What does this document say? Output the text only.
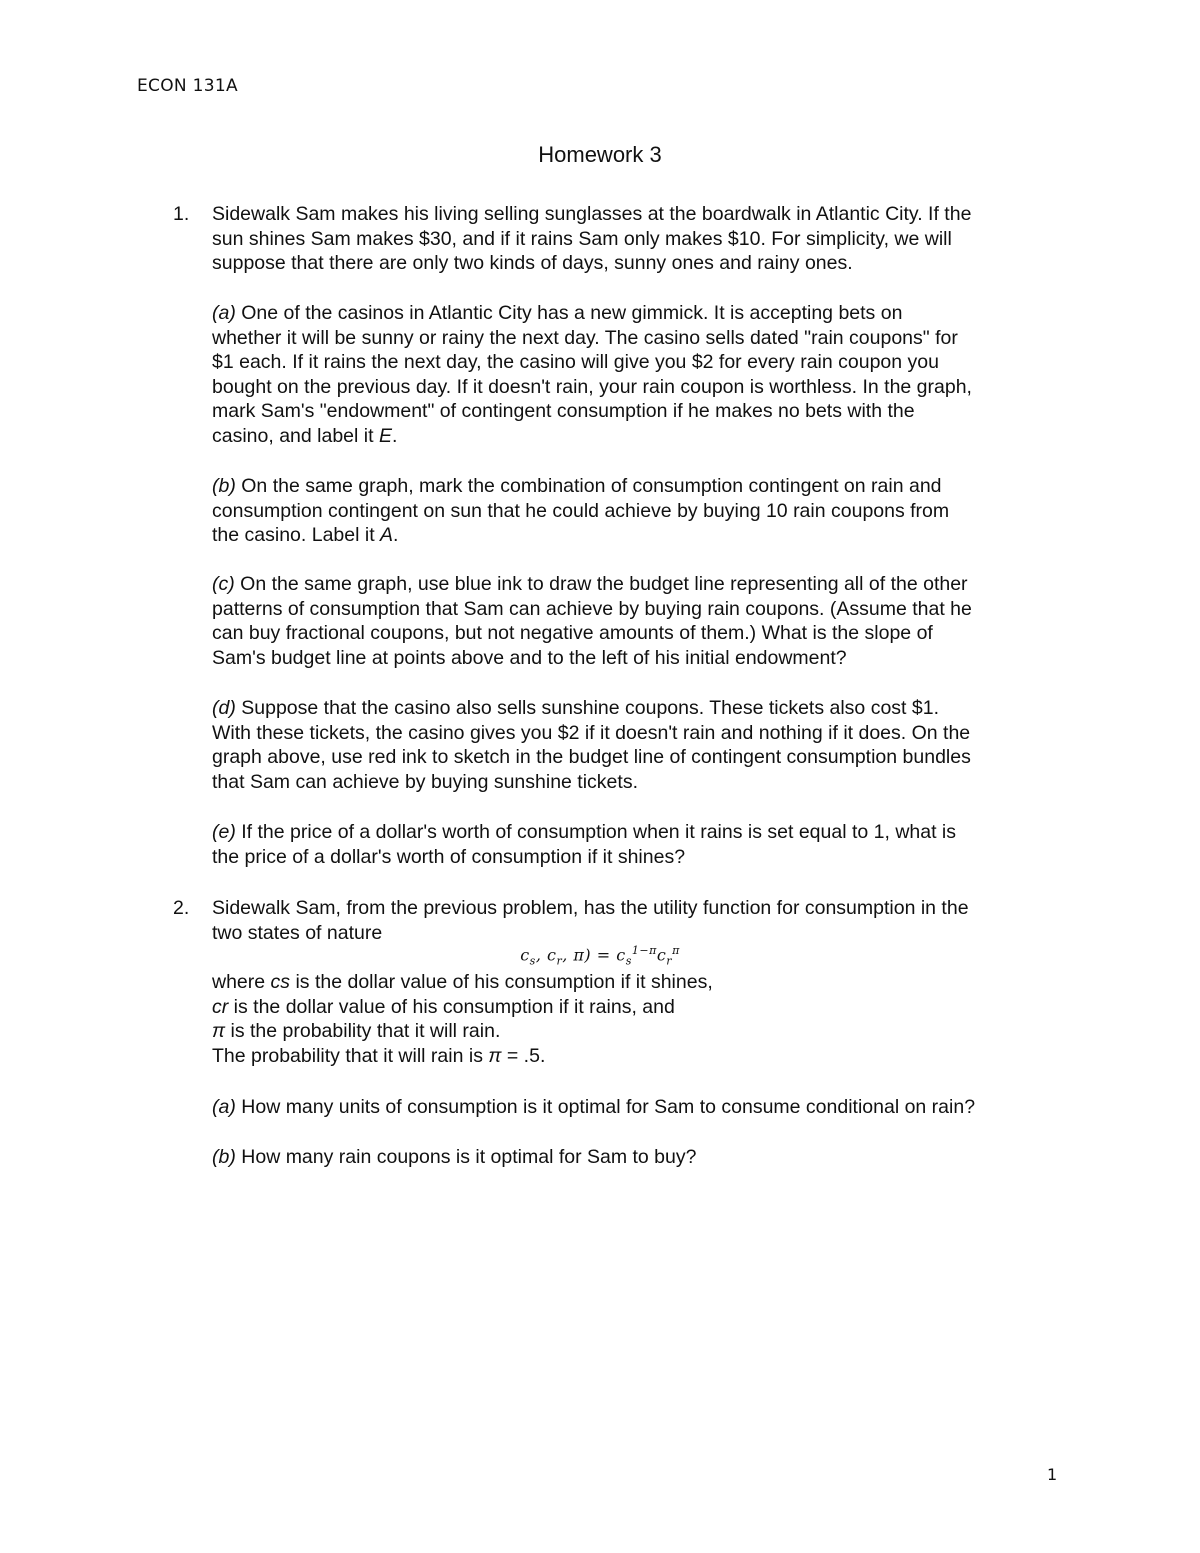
ECON 131A
Homework 3
1. Sidewalk Sam makes his living selling sunglasses at the boardwalk in Atlantic City. If the
sun shines Sam makes $30, and if it rains Sam only makes $10. For simplicity, we will
suppose that there are only two kinds of days, sunny ones and rainy ones.
(a) One of the casinos in Atlantic City has a new gimmick. It is accepting bets on
whether it will be sunny or rainy the next day. The casino sells dated "rain coupons" for
$1 each. If it rains the next day, the casino will give you $2 for every rain coupon you
bought on the previous day. If it doesn't rain, your rain coupon is worthless. In the graph,
mark Sam's "endowment" of contingent consumption if he makes no bets with the
casino, and label it E.
(b) On the same graph, mark the combination of consumption contingent on rain and
consumption contingent on sun that he could achieve by buying 10 rain coupons from
the casino. Label it A.
(c) On the same graph, use blue ink to draw the budget line representing all of the other
patterns of consumption that Sam can achieve by buying rain coupons. (Assume that he
can buy fractional coupons, but not negative amounts of them.) What is the slope of
Sam's budget line at points above and to the left of his initial endowment?
(d) Suppose that the casino also sells sunshine coupons. These tickets also cost $1.
With these tickets, the casino gives you $2 if it doesn't rain and nothing if it does. On the
graph above, use red ink to sketch in the budget line of contingent consumption bundles
that Sam can achieve by buying sunshine tickets.
(e) If the price of a dollar's worth of consumption when it rains is set equal to 1, what is
the price of a dollar's worth of consumption if it shines?
2. Sidewalk Sam, from the previous problem, has the utility function for consumption in the
two states of nature
$c_s$, $c_r$, $\pi) = c_s^{1-\pi}c_r^\pi$
where cs is the dollar value of his consumption if it shines,
cr is the dollar value of his consumption if it rains, and
π is the probability that it will rain.
The probability that it will rain is π = .5.
(a) How many units of consumption is it optimal for Sam to consume conditional on rain?
(b) How many rain coupons is it optimal for Sam to buy?
1
